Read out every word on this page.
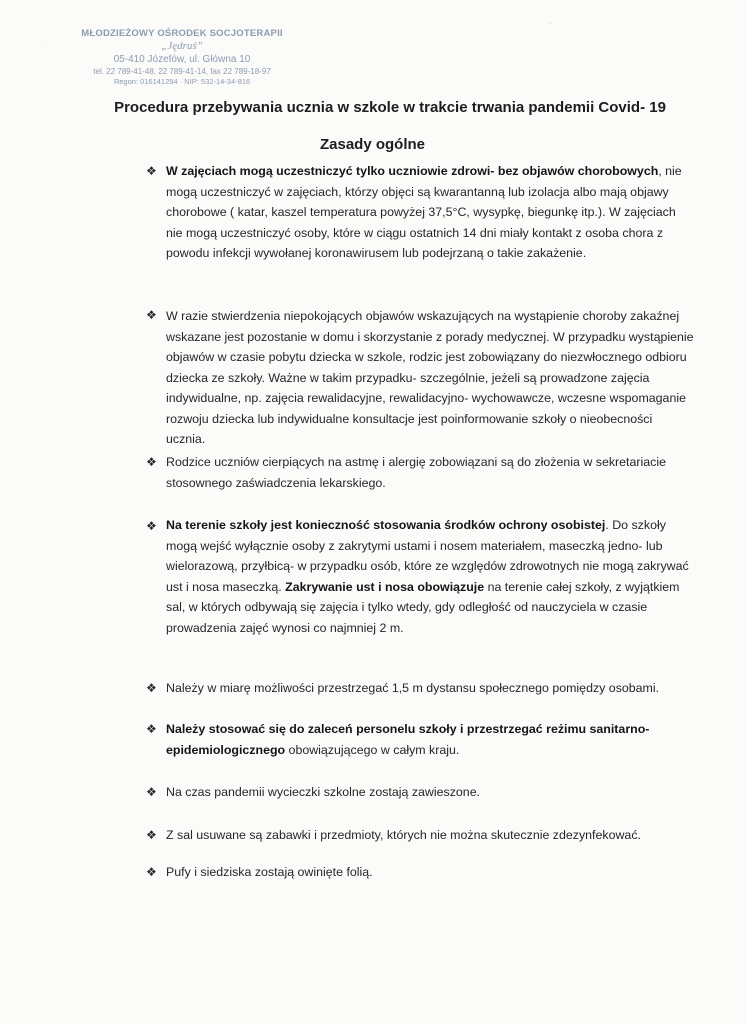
MŁODZIEŻOWY OŚRODEK SOCJOTERAPII
„Jędruś”
05-410 Józefów, ul. Główna 10
tel. 22 789-41-48, 22 789-41-14, fax 22 789-18-97
Regon: 016141294 · NIP: 532-14-34-816
··
·
Procedura przebywania ucznia w szkole w trakcie trwania pandemii Covid- 19
Zasady ogólne
❖ W zajęciach mogą uczestniczyć tylko uczniowie zdrowi- bez objawów chorobowych, nie mogą uczestniczyć w zajęciach, którzy objęci są kwarantanną lub izolacja albo mają objawy chorobowe ( katar, kaszel temperatura powyżej 37,5°C, wysypkę, biegunkę itp.). W zajęciach nie mogą uczestniczyć osoby, które w ciągu ostatnich 14 dni miały kontakt z osoba chora z powodu infekcji wywołanej koronawirusem lub podejrzaną o takie zakażenie.
❖ W razie stwierdzenia niepokojących objawów wskazujących na wystąpienie choroby zakaźnej wskazane jest pozostanie w domu i skorzystanie z porady medycznej. W przypadku wystąpienie objawów w czasie pobytu dziecka w szkole, rodzic jest zobowiązany do niezwłocznego odbioru dziecka ze szkoły. Ważne w takim przypadku- szczególnie, jeżeli są prowadzone zajęcia indywidualne, np. zajęcia rewalidacyjne, rewalidacyjno- wychowawcze, wczesne wspomaganie rozwoju dziecka lub indywidualne konsultacje jest poinformowanie szkoły o nieobecności ucznia.
❖ Rodzice uczniów cierpiących na astmę i alergię zobowiązani są do złożenia w sekretariacie stosownego zaświadczenia lekarskiego.
❖ Na terenie szkoły jest konieczność stosowania środków ochrony osobistej. Do szkoły mogą wejść wyłącznie osoby z zakrytymi ustami i nosem materiałem, maseczką jedno- lub wielorazową, przyłbicą- w przypadku osób, które ze względów zdrowotnych nie mogą zakrywać ust i nosa maseczką. Zakrywanie ust i nosa obowiązuje na terenie całej szkoły, z wyjątkiem sal, w których odbywają się zajęcia i tylko wtedy, gdy odległość od nauczyciela w czasie prowadzenia zajęć wynosi co najmniej 2 m.
❖ Należy w miarę możliwości przestrzegać 1,5 m dystansu społecznego pomiędzy osobami.
❖ Należy stosować się do zaleceń personelu szkoły i przestrzegać reżimu sanitarno-epidemiologicznego obowiązującego w całym kraju.
❖ Na czas pandemii wycieczki szkolne zostają zawieszone.
❖ Z sal usuwane są zabawki i przedmioty, których nie można skutecznie zdezynfekować.
❖ Pufy i siedziska zostają owinięte folią.
